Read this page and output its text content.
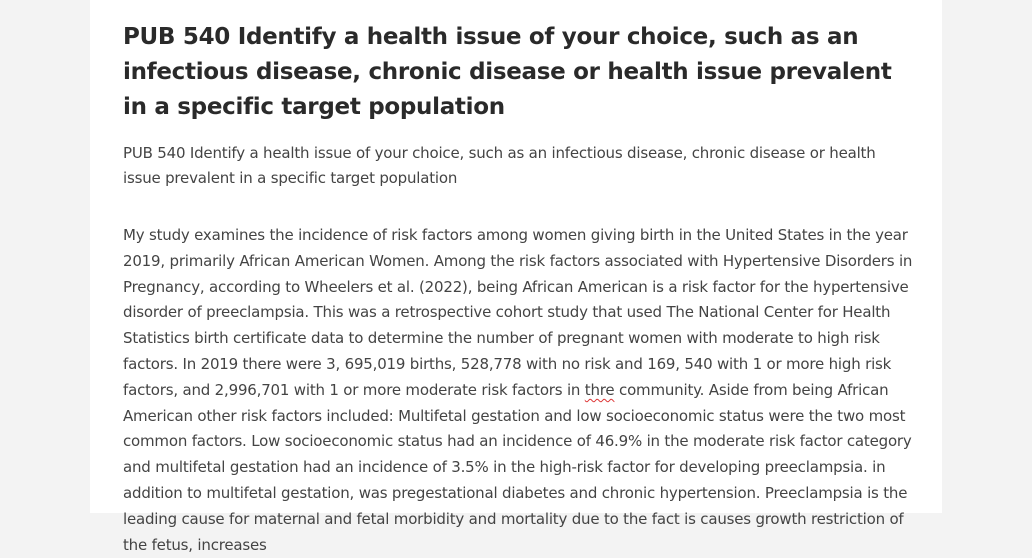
PUB 540 Identify a health issue of your choice, such as an infectious disease, chronic disease or health issue prevalent in a specific target population

PUB 540 Identify a health issue of your choice, such as an infectious disease, chronic disease or health issue prevalent in a specific target population

My study examines the incidence of risk factors among women giving birth in the United States in the year 2019, primarily African American Women. Among the risk factors associated with Hypertensive Disorders in Pregnancy, according to Wheelers et al. (2022), being African American is a risk factor for the hypertensive disorder of preeclampsia. This was a retrospective cohort study that used The National Center for Health Statistics birth certificate data to determine the number of pregnant women with moderate to high risk factors. In 2019 there were 3, 695,019 births, 528,778 with no risk and 169, 540 with 1 or more high risk factors, and 2,996,701 with 1 or more moderate risk factors in thre community. Aside from being African American other risk factors included: Multifetal gestation and low socioeconomic status were the two most common factors. Low socioeconomic status had an incidence of 46.9% in the moderate risk factor category and multifetal gestation had an incidence of 3.5% in the high-risk factor for developing preeclampsia. in addition to multifetal gestation, was pregestational diabetes and chronic hypertension. Preeclampsia is the leading cause for maternal and fetal morbidity and mortality due to the fact is causes growth restriction of the fetus, increases
